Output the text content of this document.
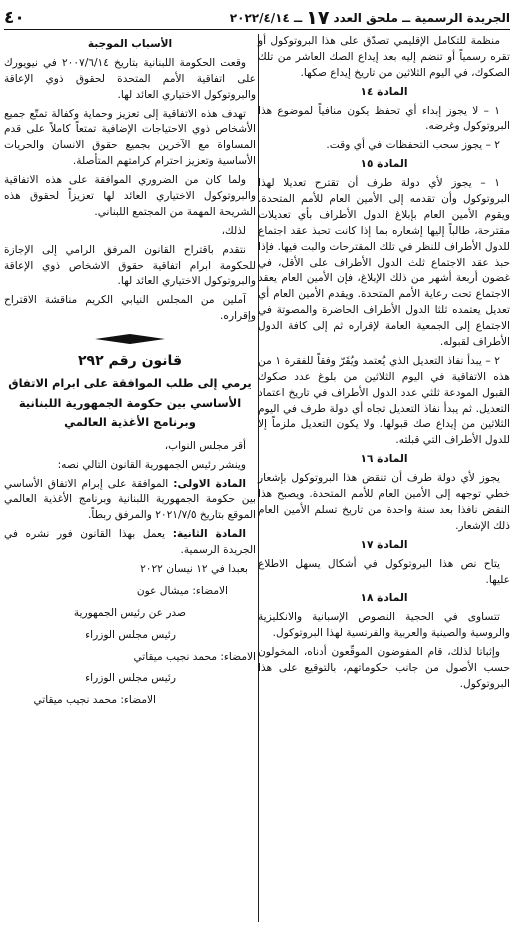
الجريدة الرسمية ــ ملحق العدد
١٧
ــ ٢٠٢٢/٤/١٤
٤٠

منظمة للتكامل الإقليمي تصدّق على هذا البروتوكول أو تقره رسمياً أو تنضم إليه بعد إيداع الصك العاشر من تلك الصكوك، في اليوم الثلاثين من تاريخ إيداع صكها.

المادة ١٤

١ – لا يجوز إبداء أي تحفظ يكون منافياً لموضوع هذا البروتوكول وغرضه.

٢ – يجوز سحب التحفظات في أي وقت.

المادة ١٥

١ – يجوز لأي دولة طرف أن تقترح تعديلا لهذا البروتوكول وأن تقدمه إلى الأمين العام للأمم المتحدة. ويقوم الأمين العام بإبلاغ الدول الأطراف بأي تعديلات مقترحة، طالباً إليها إشعاره بما إذا كانت تحبذ عقد اجتماع للدول الأطراف للنظر في تلك المقترحات والبت فيها. فإذا حبذ عقد الاجتماع ثلث الدول الأطراف على الأقل، في غضون أربعة أشهر من ذلك الإبلاغ، فإن الأمين العام يعقد الاجتماع تحت رعاية الأمم المتحدة. ويقدم الأمين العام أي تعديل يعتمده ثلثا الدول الأطراف الحاضرة والمصوتة في الاجتماع إلى الجمعية العامة لإقراره ثم إلى كافة الدول الأطراف لقبوله.

٢ – يبدأ نفاذ التعديل الذي يُعتمد ويُقَرّ وفقاً للفقرة ١ من هذه الاتفاقية في اليوم الثلاثين من بلوغ عدد صكوك القبول المودعة ثلثي عدد الدول الأطراف في تاريخ اعتماد التعديل. ثم يبدأ نفاذ التعديل تجاه أي دولة طرف في اليوم الثلاثين من إيداع صك قبولها. ولا يكون التعديل ملزماً إلا للدول الأطراف التي قبلته.

المادة ١٦

يجوز لأي دولة طرف أن تنقض هذا البروتوكول بإشعار خطي توجهه إلى الأمين العام للأمم المتحدة. ويصبح هذا النقض نافذا بعد سنة واحدة من تاريخ تسلم الأمين العام ذلك الإشعار.

المادة ١٧

يتاح نص هذا البروتوكول في أشكال يسهل الاطلاع عليها.

المادة ١٨

تتساوى في الحجية النصوص الإسبانية والانكليزية والروسية والصينية والعربية والفرنسية لهذا البروتوكول.

وإثباتا لذلك، قام المفوضون الموقّعون أدناه، المخولون حسب الأصول من جانب حكوماتهم، بالتوقيع على هذا البروتوكول.

الأسباب الموجبة

وقعت الحكومة اللبنانية بتاريخ ٢٠٠٧/٦/١٤ في نيويورك على اتفاقية الأمم المتحدة لحقوق ذوي الإعاقة والبروتوكول الاختياري العائد لها.

تهدف هذه الاتفاقية إلى تعزيز وحماية وكفالة تمتّع جميع الأشخاص ذوي الاحتياجات الإضافية تمتعاً كاملاً على قدم المساواة مع الآخرين بجميع حقوق الانسان والحريات الأساسية وتعزيز احترام كرامتهم المتأصلة.

ولما كان من الضروري الموافقة على هذه الاتفاقية والبروتوكول الاختياري العائد لها تعزيزاً لحقوق هذه الشريحة المهمة من المجتمع اللبناني.

لذلك،

نتقدم باقتراح القانون المرفق الرامي إلى الإجازة للحكومة ابرام اتفاقية حقوق الاشخاص ذوي الإعاقة والبروتوكول الاختياري العائد لها.

آملين من المجلس النيابي الكريم مناقشة الاقتراح وإقراره.

قانون رقم ٢٩٢
يرمي إلى طلب الموافقة على ابرام الاتفاق الأساسي بين حكومة الجمهورية اللبنانية وبرنامج الأغذية العالمي

أقر مجلس النواب،

وينشر رئيس الجمهورية القانون التالي نصه:

المادة الاولى: الموافقة على إبرام الاتفاق الأساسي بين حكومة الجمهورية اللبنانية وبرنامج الأغذية العالمي الموقع بتاريخ ٢٠٢١/٧/٥ والمرفق ربطاً.

المادة الثانية: يعمل بهذا القانون فور نشره في الجريدة الرسمية.

بعبدا في ١٢ نيسان ٢٠٢٢
الامضاء: ميشال عون
صدر عن رئيس الجمهورية
رئيس مجلس الوزراء
الامضاء: محمد نجيب ميقاتي
رئيس مجلس الوزراء
الامضاء: محمد نجيب ميقاتي
